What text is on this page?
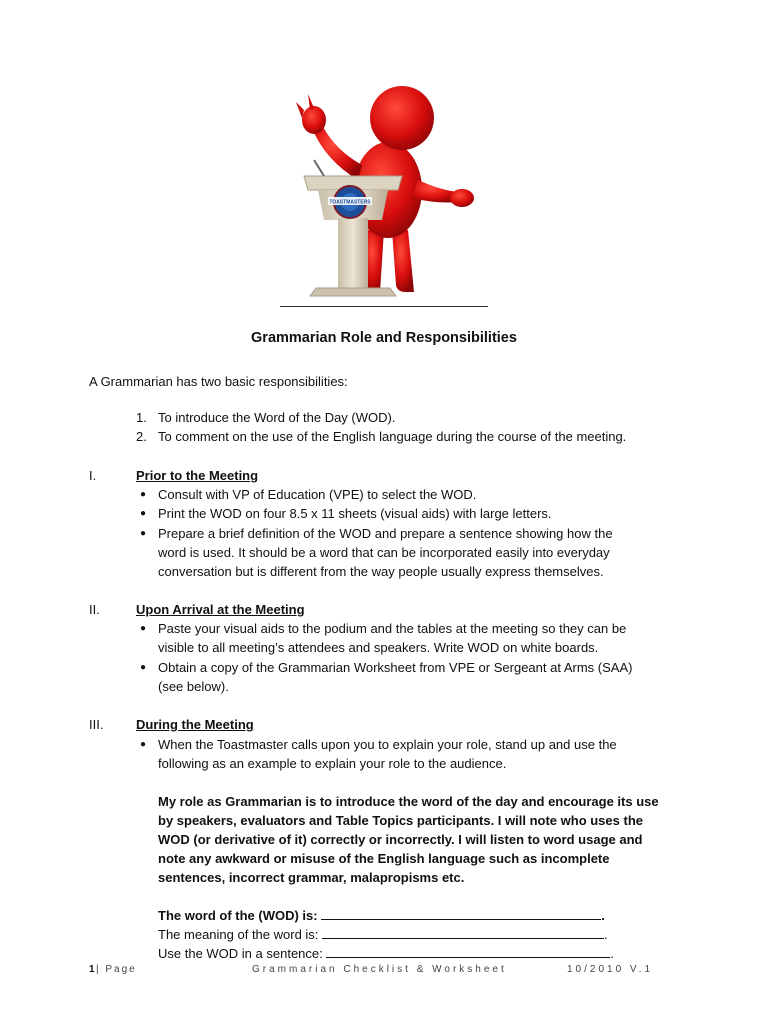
TOASTMASTERS
Grammarian Role and Responsibilities
A Grammarian has two basic responsibilities:
1. To introduce the Word of the Day (WOD).
2. To comment on the use of the English language during the course of the meeting.
I.	Prior to the Meeting
● Consult with VP of Education (VPE) to select the WOD.
● Print the WOD on four 8.5 x 11 sheets (visual aids) with large letters.
● Prepare a brief definition of the WOD and prepare a sentence showing how the
word is used. It should be a word that can be incorporated easily into everyday
conversation but is different from the way people usually express themselves.
II.	Upon Arrival at the Meeting
● Paste your visual aids to the podium and the tables at the meeting so they can be
visible to all meeting’s attendees and speakers. Write WOD on white boards.
● Obtain a copy of the Grammarian Worksheet from VPE or Sergeant at Arms (SAA)
(see below).
III.	During the Meeting
● When the Toastmaster calls upon you to explain your role, stand up and use the
following as an example to explain your role to the audience.
My role as Grammarian is to introduce the word of the day and encourage its use
by speakers, evaluators and Table Topics participants. I will note who uses the
WOD (or derivative of it) correctly or incorrectly. I will listen to word usage and
note any awkward or misuse of the English language such as incomplete
sentences, incorrect grammar, malapropisms etc.
The word of the (WOD) is:	.
The meaning of the word is:	.
Use the WOD in a sentence:	.
1 | Page	Grammarian Checklist & Worksheet	10/2010 V.1
